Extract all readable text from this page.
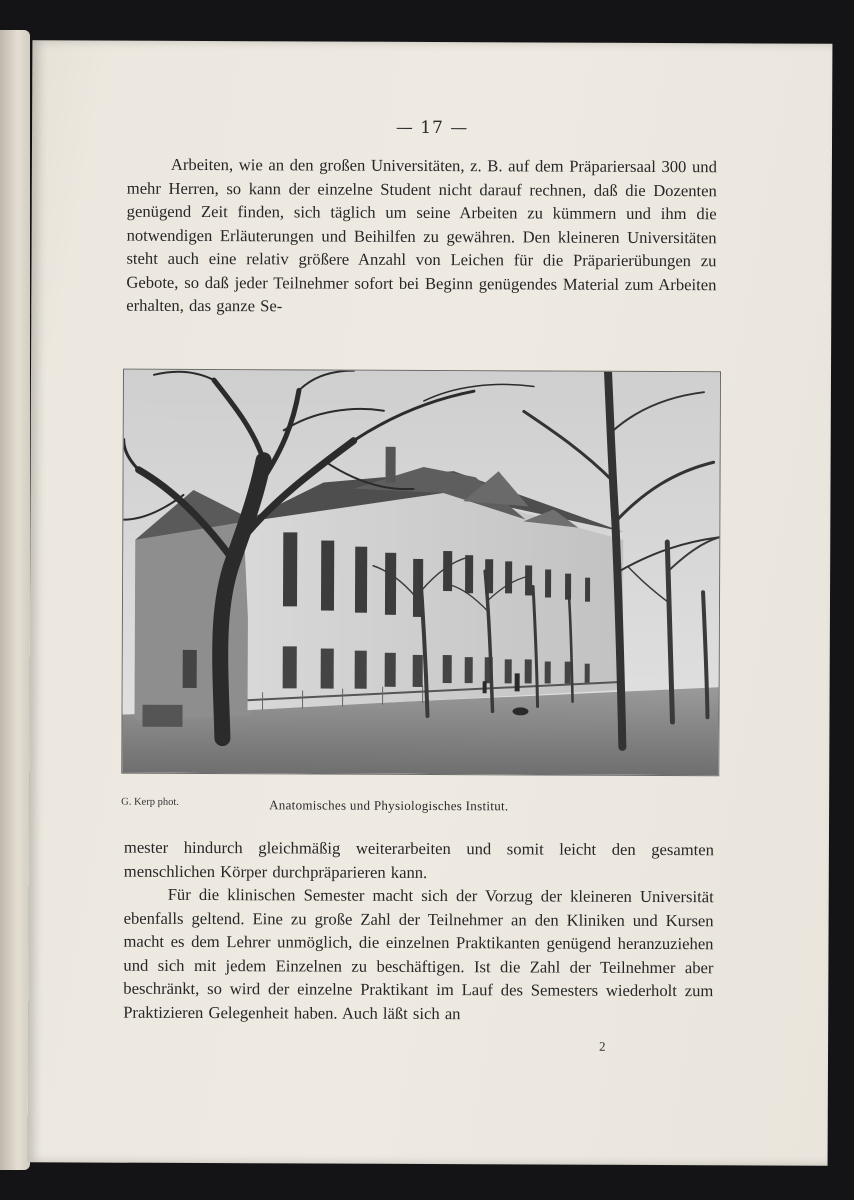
— 17 —

Arbeiten, wie an den großen Universitäten, z. B. auf dem Präpariersaal 300 und mehr Herren, so kann der einzelne Student nicht darauf rechnen, daß die Dozenten genügend Zeit finden, sich täglich um seine Arbeiten zu kümmern und ihm die notwendigen Erläuterungen und Beihilfen zu gewähren. Den kleineren Universitäten steht auch eine relativ größere Anzahl von Leichen für die Präparierübungen zu Gebote, so daß jeder Teilnehmer sofort bei Beginn genügendes Material zum Arbeiten erhalten, das ganze Se-

G. Kerp phot.	Anatomisches und Physiologisches Institut.

mester hindurch gleichmäßig weiterarbeiten und somit leicht den gesamten menschlichen Körper durchpräparieren kann.

Für die klinischen Semester macht sich der Vorzug der kleineren Universität ebenfalls geltend. Eine zu große Zahl der Teilnehmer an den Kliniken und Kursen macht es dem Lehrer unmöglich, die einzelnen Praktikanten genügend heranzuziehen und sich mit jedem Einzelnen zu beschäftigen. Ist die Zahl der Teilnehmer aber beschränkt, so wird der einzelne Praktikant im Lauf des Semesters wiederholt zum Praktizieren Gelegenheit haben. Auch läßt sich an

2
